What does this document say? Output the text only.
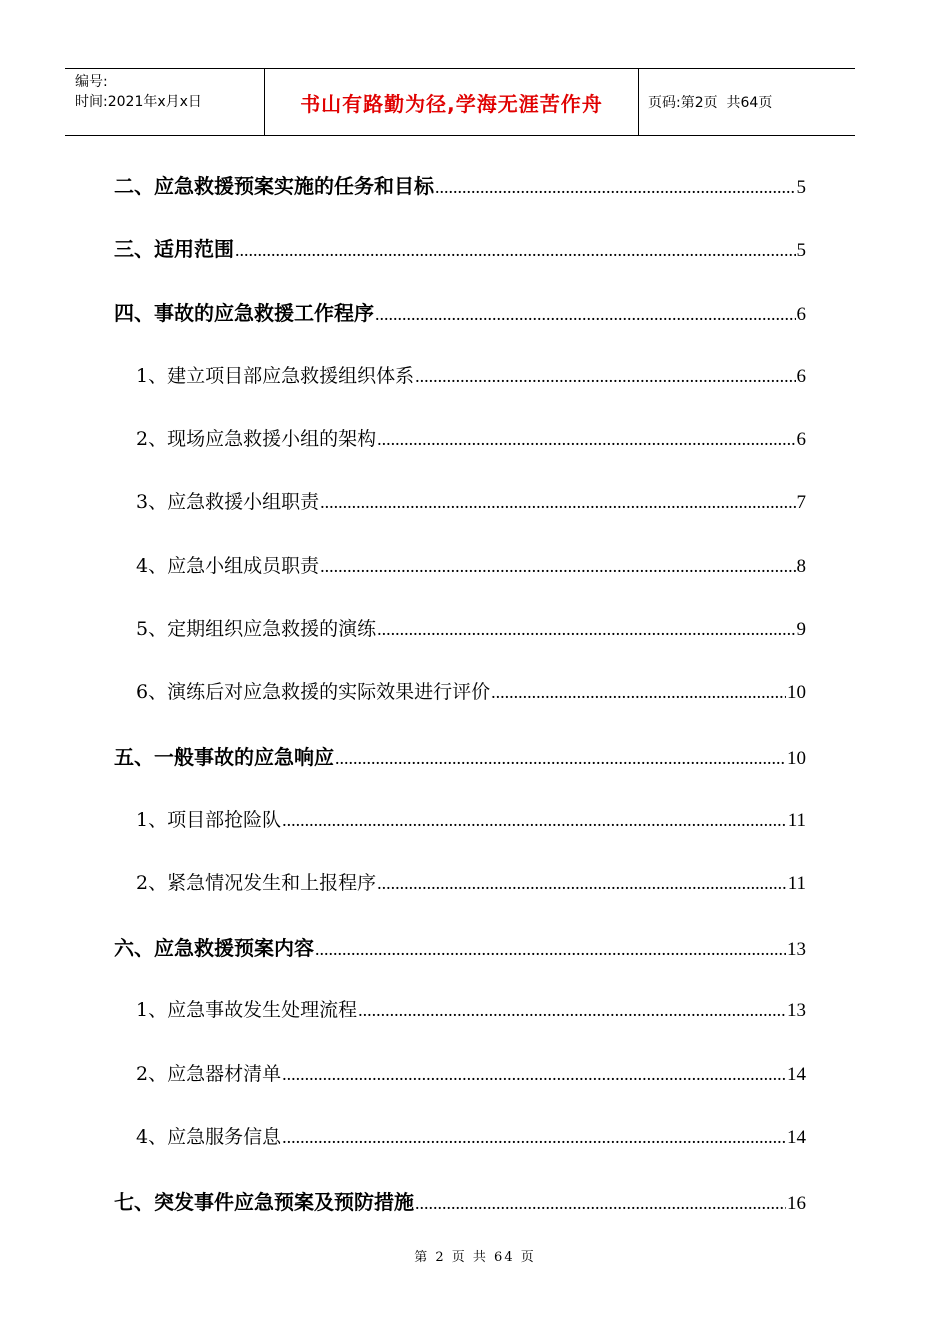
编号:
时间:2021年x月x日	书山有路勤为径,学海无涯苦作舟	页码:第2页  共64页
二、应急救援预案实施的任务和目标 .....	5
三、适用范围 .....	5
四、事故的应急救援工作程序 .....	6
1、建立项目部应急救援组织体系 .....	6
2、现场应急救援小组的架构 .....	6
3、应急救援小组职责 .....	7
4、应急小组成员职责 .....	8
5、定期组织应急救援的演练 .....	9
6、演练后对应急救援的实际效果进行评价 .....	10
五、一般事故的应急响应 .....	10
1、项目部抢险队 .....	11
2、紧急情况发生和上报程序 .....	11
六、应急救援预案内容 .....	13
1、应急事故发生处理流程 .....	13
2、应急器材清单 .....	14
4、应急服务信息 .....	14
七、突发事件应急预案及预防措施 .....	16
第 2 页 共 64 页
